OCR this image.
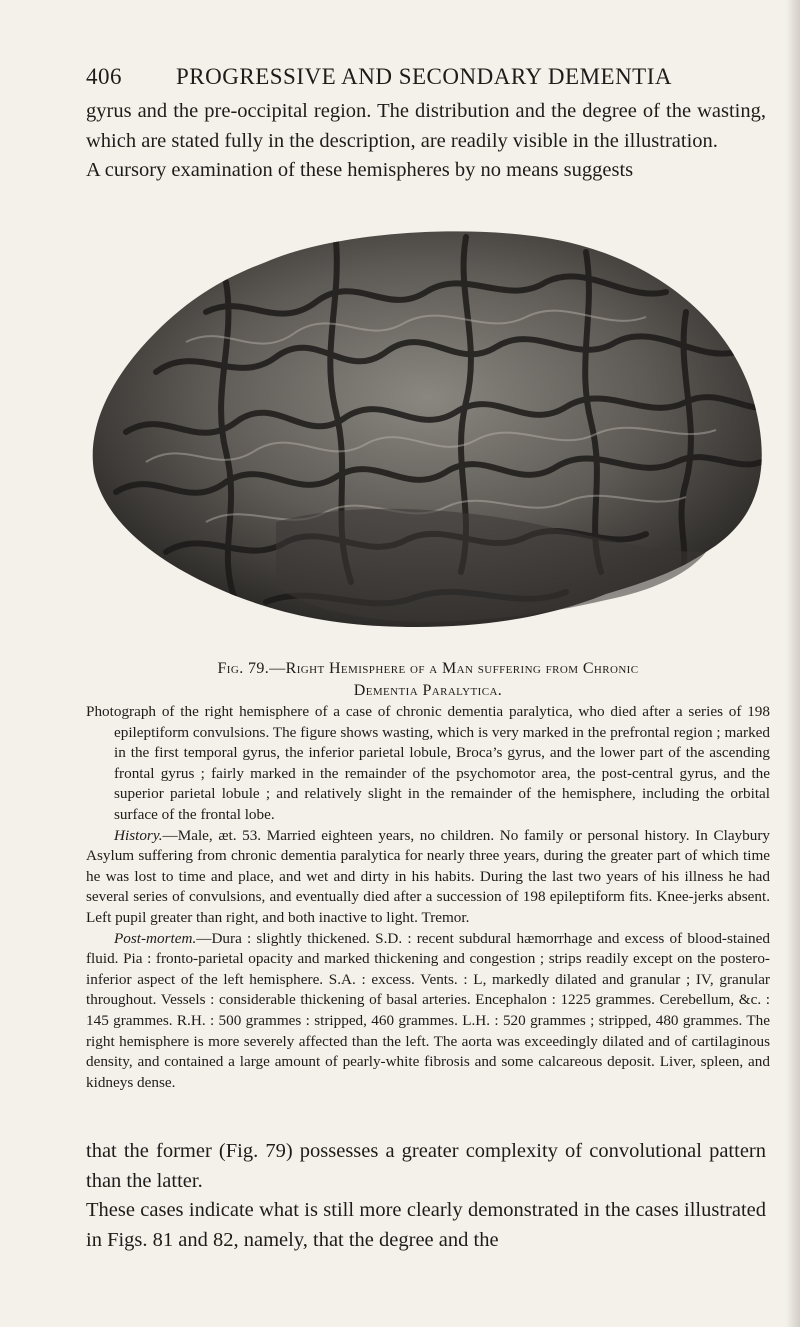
406 PROGRESSIVE AND SECONDARY DEMENTIA

gyrus and the pre-occipital region. The distribution and the degree of the wasting, which are stated fully in the description, are readily visible in the illustration.

A cursory examination of these hemispheres by no means suggests

Fig. 79.—Right Hemisphere of a Man suffering from Chronic
Dementia Paralytica.

Photograph of the right hemisphere of a case of chronic dementia paralytica, who died after a series of 198 epileptiform convulsions. The figure shows wasting, which is very marked in the prefrontal region ; marked in the first temporal gyrus, the inferior parietal lobule, Broca’s gyrus, and the lower part of the ascending frontal gyrus ; fairly marked in the remainder of the psychomotor area, the post-central gyrus, and the superior parietal lobule ; and relatively slight in the remainder of the hemisphere, including the orbital surface of the frontal lobe.

History.—Male, æt. 53. Married eighteen years, no children. No family or personal history. In Claybury Asylum suffering from chronic dementia paralytica for nearly three years, during the greater part of which time he was lost to time and place, and wet and dirty in his habits. During the last two years of his illness he had several series of convulsions, and eventually died after a succession of 198 epileptiform fits. Knee-jerks absent. Left pupil greater than right, and both inactive to light. Tremor.

Post-mortem.—Dura : slightly thickened. S.D. : recent subdural hæmorrhage and excess of blood-stained fluid. Pia : fronto-parietal opacity and marked thickening and congestion ; strips readily except on the postero-inferior aspect of the left hemisphere. S.A. : excess. Vents. : L, markedly dilated and granular ; IV, granular throughout. Vessels : considerable thickening of basal arteries. Encephalon : 1225 grammes. Cerebellum, &c. : 145 grammes. R.H. : 500 grammes : stripped, 460 grammes. L.H. : 520 grammes ; stripped, 480 grammes. The right hemisphere is more severely affected than the left. The aorta was exceedingly dilated and of cartilaginous density, and contained a large amount of pearly-white fibrosis and some calcareous deposit. Liver, spleen, and kidneys dense.

that the former (Fig. 79) possesses a greater complexity of convolutional pattern than the latter.

These cases indicate what is still more clearly demonstrated in the cases illustrated in Figs. 81 and 82, namely, that the degree and the
